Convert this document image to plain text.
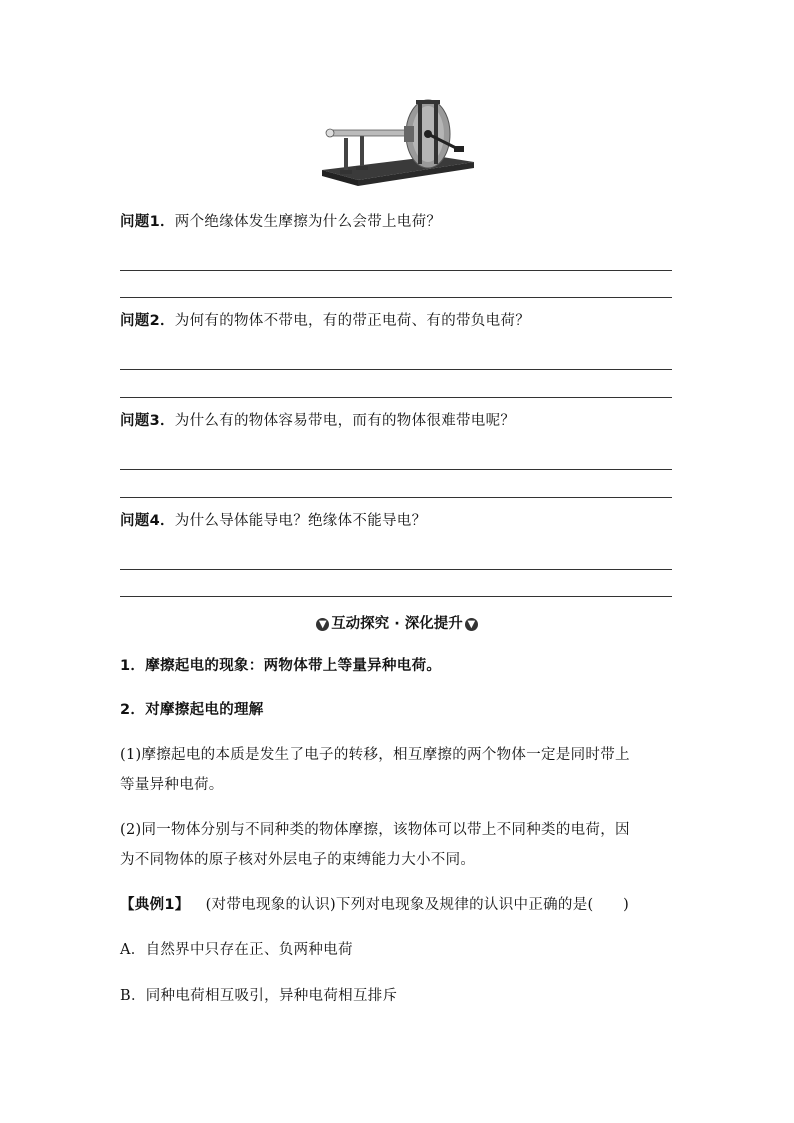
问题1．两个绝缘体发生摩擦为什么会带上电荷？
问题2．为何有的物体不带电，有的带正电荷、有的带负电荷？
问题3．为什么有的物体容易带电，而有的物体很难带电呢？
问题4．为什么导体能导电？绝缘体不能导电？
▼ 互动探究 · 深化提升 ▼
1．摩擦起电的现象：两物体带上等量异种电荷。
2．对摩擦起电的理解
(1)摩擦起电的本质是发生了电子的转移，相互摩擦的两个物体一定是同时带上
等量异种电荷。
(2)同一物体分别与不同种类的物体摩擦，该物体可以带上不同种类的电荷，因
为不同物体的原子核对外层电子的束缚能力大小不同。
【典例1】 (对带电现象的认识)下列对电现象及规律的认识中正确的是(　　)
A．自然界中只存在正、负两种电荷
B．同种电荷相互吸引，异种电荷相互排斥
